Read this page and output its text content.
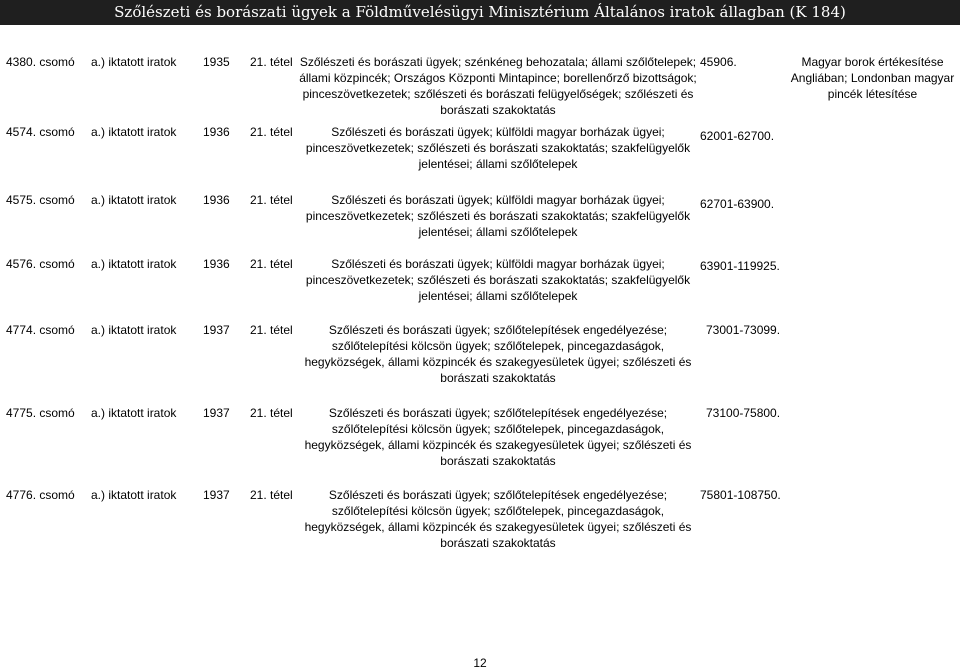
Szőlészeti és borászati ügyek a Földművelésügyi Minisztérium Általános iratok állagban (K 184)
4380. csomó a.) iktatott iratok 1935 21. tétel Szőlészeti és borászati ügyek; szénkéneg behozatala; állami szőlőtelepek;
állami közpincék; Országos Központi Mintapince; borellenőrző bizottságok;
pinceszövetkezetek; szőlészeti és borászati felügyelőségek; szőlészeti és
borászati szakoktatás
45906.	Magyar borok értékesítése
Angliában; Londonban magyar
pincék létesítése
4574. csomó a.) iktatott iratok 1936 21. tétel	Szőlészeti és borászati ügyek; külföldi magyar borházak ügyei;
pinceszövetkezetek; szőlészeti és borászati szakoktatás; szakfelügyelők
jelentései; állami szőlőtelepek
62001-62700.
4575. csomó a.) iktatott iratok 1936 21. tétel	Szőlészeti és borászati ügyek; külföldi magyar borházak ügyei;
pinceszövetkezetek; szőlészeti és borászati szakoktatás; szakfelügyelők
jelentései; állami szőlőtelepek
62701-63900.
4576. csomó a.) iktatott iratok 1936 21. tétel	Szőlészeti és borászati ügyek; külföldi magyar borházak ügyei;
pinceszövetkezetek; szőlészeti és borászati szakoktatás; szakfelügyelők
jelentései; állami szőlőtelepek
63901-119925.
4774. csomó a.) iktatott iratok 1937 21. tétel	Szőlészeti és borászati ügyek; szőlőtelepítések engedélyezése;
szőlőtelepítési kölcsön ügyek; szőlőtelepek, pincegazdaságok,
hegyközségek, állami közpincék és szakegyesületek ügyei; szőlészeti és
borászati szakoktatás
73001-73099.
4775. csomó a.) iktatott iratok 1937 21. tétel	Szőlészeti és borászati ügyek; szőlőtelepítések engedélyezése;
szőlőtelepítési kölcsön ügyek; szőlőtelepek, pincegazdaságok,
hegyközségek, állami közpincék és szakegyesületek ügyei; szőlészeti és
borászati szakoktatás
73100-75800.
4776. csomó a.) iktatott iratok 1937 21. tétel	Szőlészeti és borászati ügyek; szőlőtelepítések engedélyezése;
szőlőtelepítési kölcsön ügyek; szőlőtelepek, pincegazdaságok,
hegyközségek, állami közpincék és szakegyesületek ügyei; szőlészeti és
borászati szakoktatás
75801-108750.
12
